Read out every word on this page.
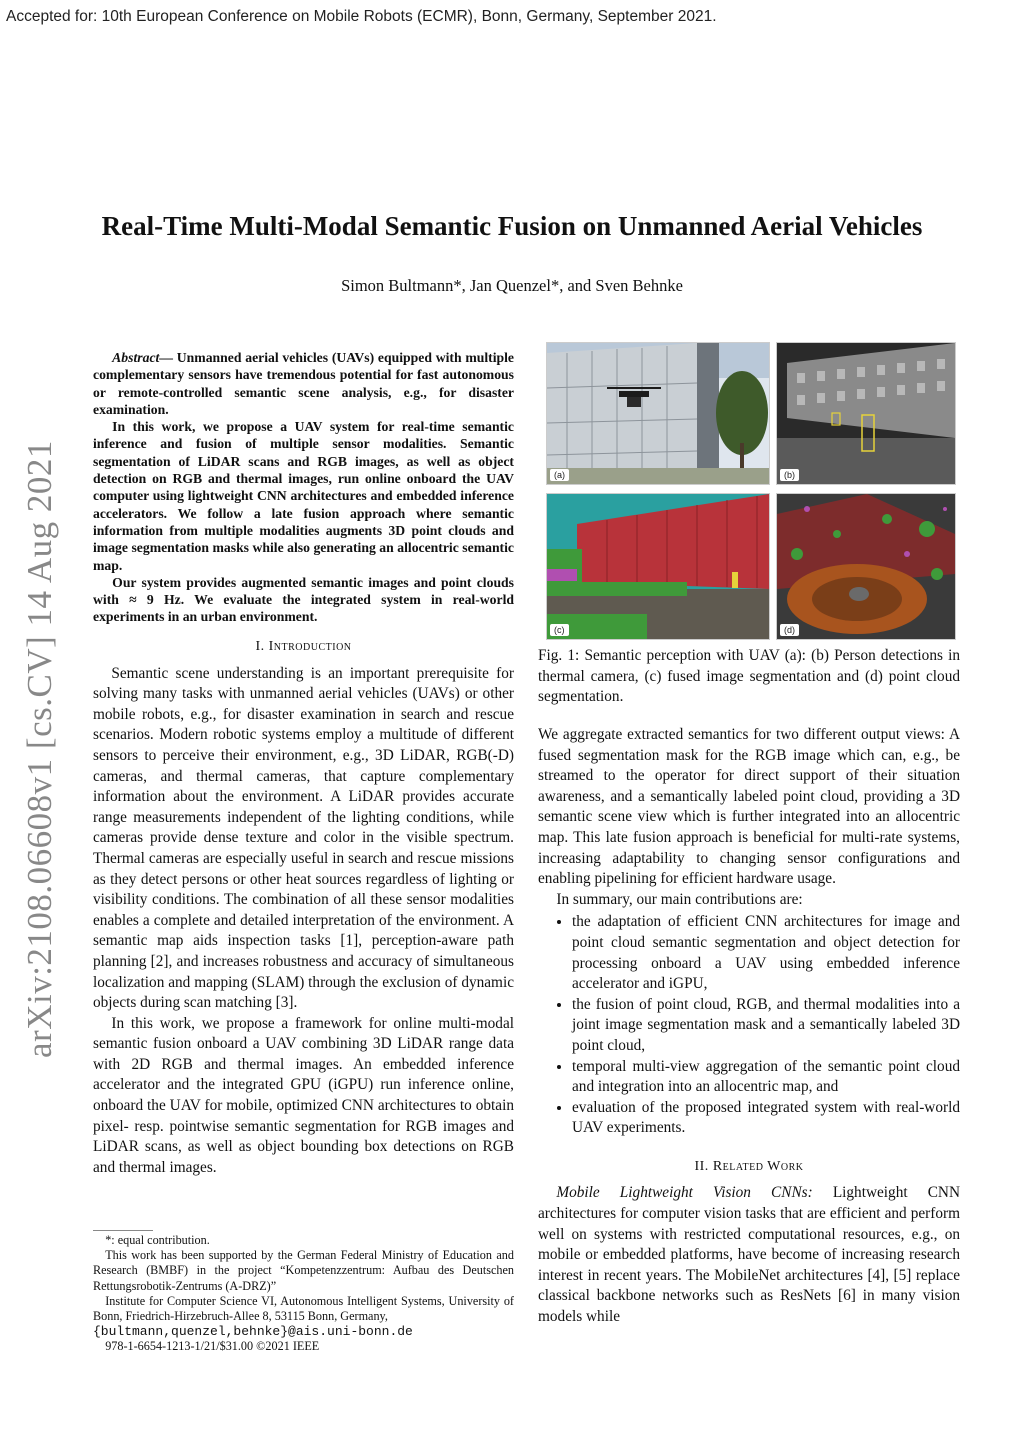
Accepted for: 10th European Conference on Mobile Robots (ECMR), Bonn, Germany, September 2021.
arXiv:2108.06608v1 [cs.CV] 14 Aug 2021
Real-Time Multi-Modal Semantic Fusion on Unmanned Aerial Vehicles
Simon Bultmann*, Jan Quenzel*, and Sven Behnke

Abstract— Unmanned aerial vehicles (UAVs) equipped with multiple complementary sensors have tremendous potential for fast autonomous or remote-controlled semantic scene analysis, e.g., for disaster examination.

In this work, we propose a UAV system for real-time semantic inference and fusion of multiple sensor modalities. Semantic segmentation of LiDAR scans and RGB images, as well as object detection on RGB and thermal images, run online onboard the UAV computer using lightweight CNN architectures and embedded inference accelerators. We follow a late fusion approach where semantic information from multiple modalities augments 3D point clouds and image segmentation masks while also generating an allocentric semantic map.

Our system provides augmented semantic images and point clouds with ≈ 9 Hz. We evaluate the integrated system in real-world experiments in an urban environment.

I. Introduction

Semantic scene understanding is an important prerequisite for solving many tasks with unmanned aerial vehicles (UAVs) or other mobile robots, e.g., for disaster examination in search and rescue scenarios. Modern robotic systems employ a multitude of different sensors to perceive their environment, e.g., 3D LiDAR, RGB(-D) cameras, and thermal cameras, that capture complementary information about the environment. A LiDAR provides accurate range measurements independent of the lighting conditions, while cameras provide dense texture and color in the visible spectrum. Thermal cameras are especially useful in search and rescue missions as they detect persons or other heat sources regardless of lighting or visibility conditions. The combination of all these sensor modalities enables a complete and detailed interpretation of the environment. A semantic map aids inspection tasks [1], perception-aware path planning [2], and increases robustness and accuracy of simultaneous localization and mapping (SLAM) through the exclusion of dynamic objects during scan matching [3].

In this work, we propose a framework for online multi-modal semantic fusion onboard a UAV combining 3D LiDAR range data with 2D RGB and thermal images. An embedded inference accelerator and the integrated GPU (iGPU) run inference online, onboard the UAV for mobile, optimized CNN architectures to obtain pixel- resp. pointwise semantic segmentation for RGB images and LiDAR scans, as well as object bounding box detections on RGB and thermal images.

*: equal contribution.

This work has been supported by the German Federal Ministry of Education and Research (BMBF) in the project “Kompetenzzentrum: Aufbau des Deutschen Rettungsrobotik-Zentrums (A-DRZ)”

Institute for Computer Science VI, Autonomous Intelligent Systems, University of Bonn, Friedrich-Hirzebruch-Allee 8, 53115 Bonn, Germany,
{bultmann,quenzel,behnke}@ais.uni-bonn.de

978-1-6654-1213-1/21/$31.00 ©2021 IEEE

(a)	(b)
(c)	(d)
Fig. 1: Semantic perception with UAV (a): (b) Person detections in thermal camera, (c) fused image segmentation and (d) point cloud segmentation.

We aggregate extracted semantics for two different output views: A fused segmentation mask for the RGB image which can, e.g., be streamed to the operator for direct support of their situation awareness, and a semantically labeled point cloud, providing a 3D semantic scene view which is further integrated into an allocentric map. This late fusion approach is beneficial for multi-rate systems, increasing adaptability to changing sensor configurations and enabling pipelining for efficient hardware usage.

In summary, our main contributions are:

• the adaptation of efficient CNN architectures for image and point cloud semantic segmentation and object detection for processing onboard a UAV using embedded inference accelerator and iGPU,
• the fusion of point cloud, RGB, and thermal modalities into a joint image segmentation mask and a semantically labeled 3D point cloud,
• temporal multi-view aggregation of the semantic point cloud and integration into an allocentric map, and
• evaluation of the proposed integrated system with real-world UAV experiments.
II. Related Work

Mobile Lightweight Vision CNNs: Lightweight CNN architectures for computer vision tasks that are efficient and perform well on systems with restricted computational resources, e.g., on mobile or embedded platforms, have become of increasing research interest in recent years. The MobileNet architectures [4], [5] replace classical backbone networks such as ResNets [6] in many vision models while
